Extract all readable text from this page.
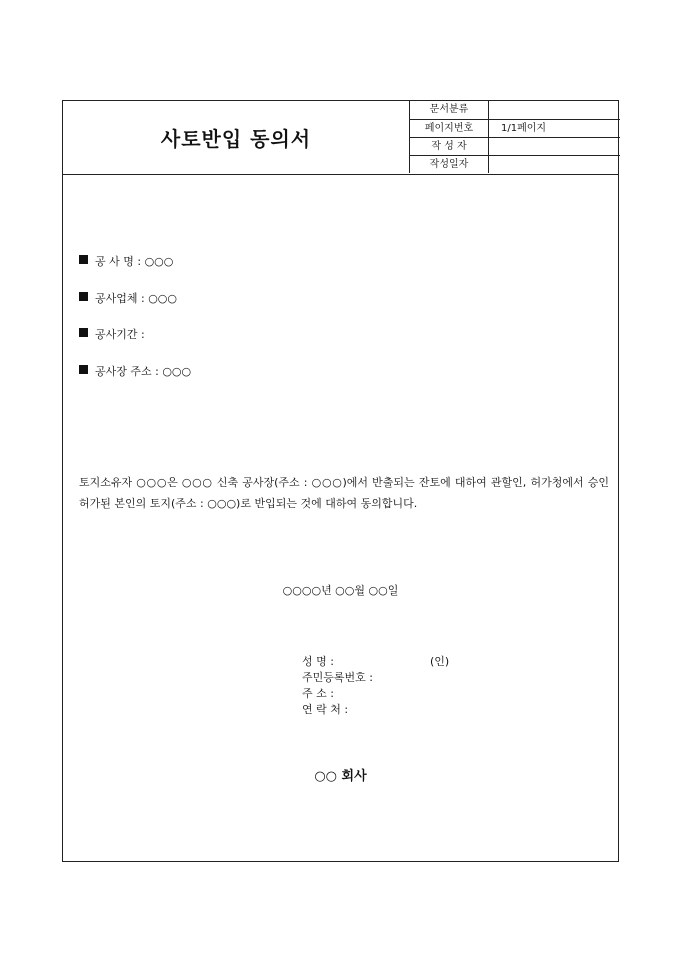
사토반입 동의서
문서분류
페이지번호	1/1페이지
작 성 자
작성일자
공 사 명 : ○○○
공사업체 : ○○○
공사기간 :
공사장 주소 : ○○○
토지소유자 ○○○은 ○○○ 신축 공사장(주소 : ○○○)에서 반출되는 잔토에 대하여 관할인, 허가청에서 승인 허가된 본인의 토지(주소 : ○○○)로 반입되는 것에 대하여 동의합니다.
○○○○년 ○○월 ○○일
성 명 :	(인)
주민등록번호 :
주 소 :
연 락 처 :
○○ 회사
